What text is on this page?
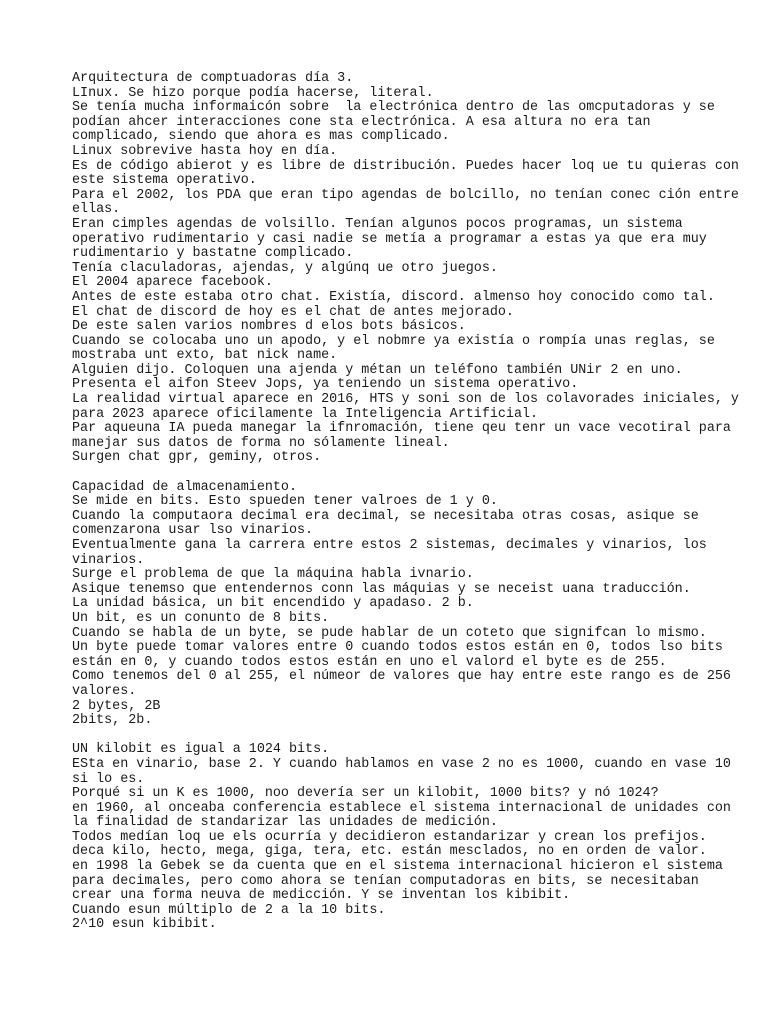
Arquitectura de comptuadoras día 3.
LInux. Se hizo porque podía hacerse, literal.
Se tenía mucha informaicón sobre  la electrónica dentro de las omcputadoras y se
podían ahcer interacciones cone sta electrónica. A esa altura no era tan
complicado, siendo que ahora es mas complicado.
Linux sobrevive hasta hoy en día.
Es de código abierot y es libre de distribución. Puedes hacer loq ue tu quieras con
este sistema operativo.
Para el 2002, los PDA que eran tipo agendas de bolcillo, no tenían conec ción entre
ellas.
Eran cimples agendas de volsillo. Tenían algunos pocos programas, un sistema
operativo rudimentario y casi nadie se metía a programar a estas ya que era muy
rudimentario y bastatne complicado.
Tenía claculadoras, ajendas, y algúnq ue otro juegos.
El 2004 aparece facebook.
Antes de este estaba otro chat. Existía, discord. almenso hoy conocido como tal.
El chat de discord de hoy es el chat de antes mejorado.
De este salen varios nombres d elos bots básicos.
Cuando se colocaba uno un apodo, y el nobmre ya existía o rompía unas reglas, se
mostraba unt exto, bat nick name.
Alguien dijo. Coloquen una ajenda y métan un teléfono también UNir 2 en uno.
Presenta el aifon Steev Jops, ya teniendo un sistema operativo.
La realidad virtual aparece en 2016, HTS y soni son de los colavorades iniciales, y
para 2023 aparece oficilamente la Inteligencia Artificial.
Par aqueuna IA pueda manegar la ifnromación, tiene qeu tenr un vace vecotiral para
manejar sus datos de forma no sólamente lineal.
Surgen chat gpr, geminy, otros.
Capacidad de almacenamiento.
Se mide en bits. Esto spueden tener valroes de 1 y 0.
Cuando la computaora decimal era decimal, se necesitaba otras cosas, asique se
comenzarona usar lso vinarios.
Eventualmente gana la carrera entre estos 2 sistemas, decimales y vinarios, los
vinarios.
Surge el problema de que la máquina habla ivnario.
Asique tenemso que entendernos conn las máquias y se neceist uana traducción.
La unidad básica, un bit encendido y apadaso. 2 b.
Un bit, es un conunto de 8 bits.
Cuando se habla de un byte, se pude hablar de un coteto que signifcan lo mismo.
Un byte puede tomar valores entre 0 cuando todos estos están en 0, todos lso bits
están en 0, y cuando todos estos están en uno el valord el byte es de 255.
Como tenemos del 0 al 255, el númeor de valores que hay entre este rango es de 256
valores.
2 bytes, 2B
2bits, 2b.
UN kilobit es igual a 1024 bits.
ESta en vinario, base 2. Y cuando hablamos en vase 2 no es 1000, cuando en vase 10
si lo es.
Porqué si un K es 1000, noo devería ser un kilobit, 1000 bits? y nó 1024?
en 1960, al onceaba conferencia establece el sistema internacional de unidades con
la finalidad de standarizar las unidades de medición.
Todos medían loq ue els ocurría y decidieron estandarizar y crean los prefijos.
deca kilo, hecto, mega, giga, tera, etc. están mesclados, no en orden de valor.
en 1998 la Gebek se da cuenta que en el sistema internacional hicieron el sistema
para decimales, pero como ahora se tenían computadoras en bits, se necesitaban
crear una forma neuva de medicción. Y se inventan los kibibit.
Cuando esun múltiplo de 2 a la 10 bits.
2^10 esun kibibit.
